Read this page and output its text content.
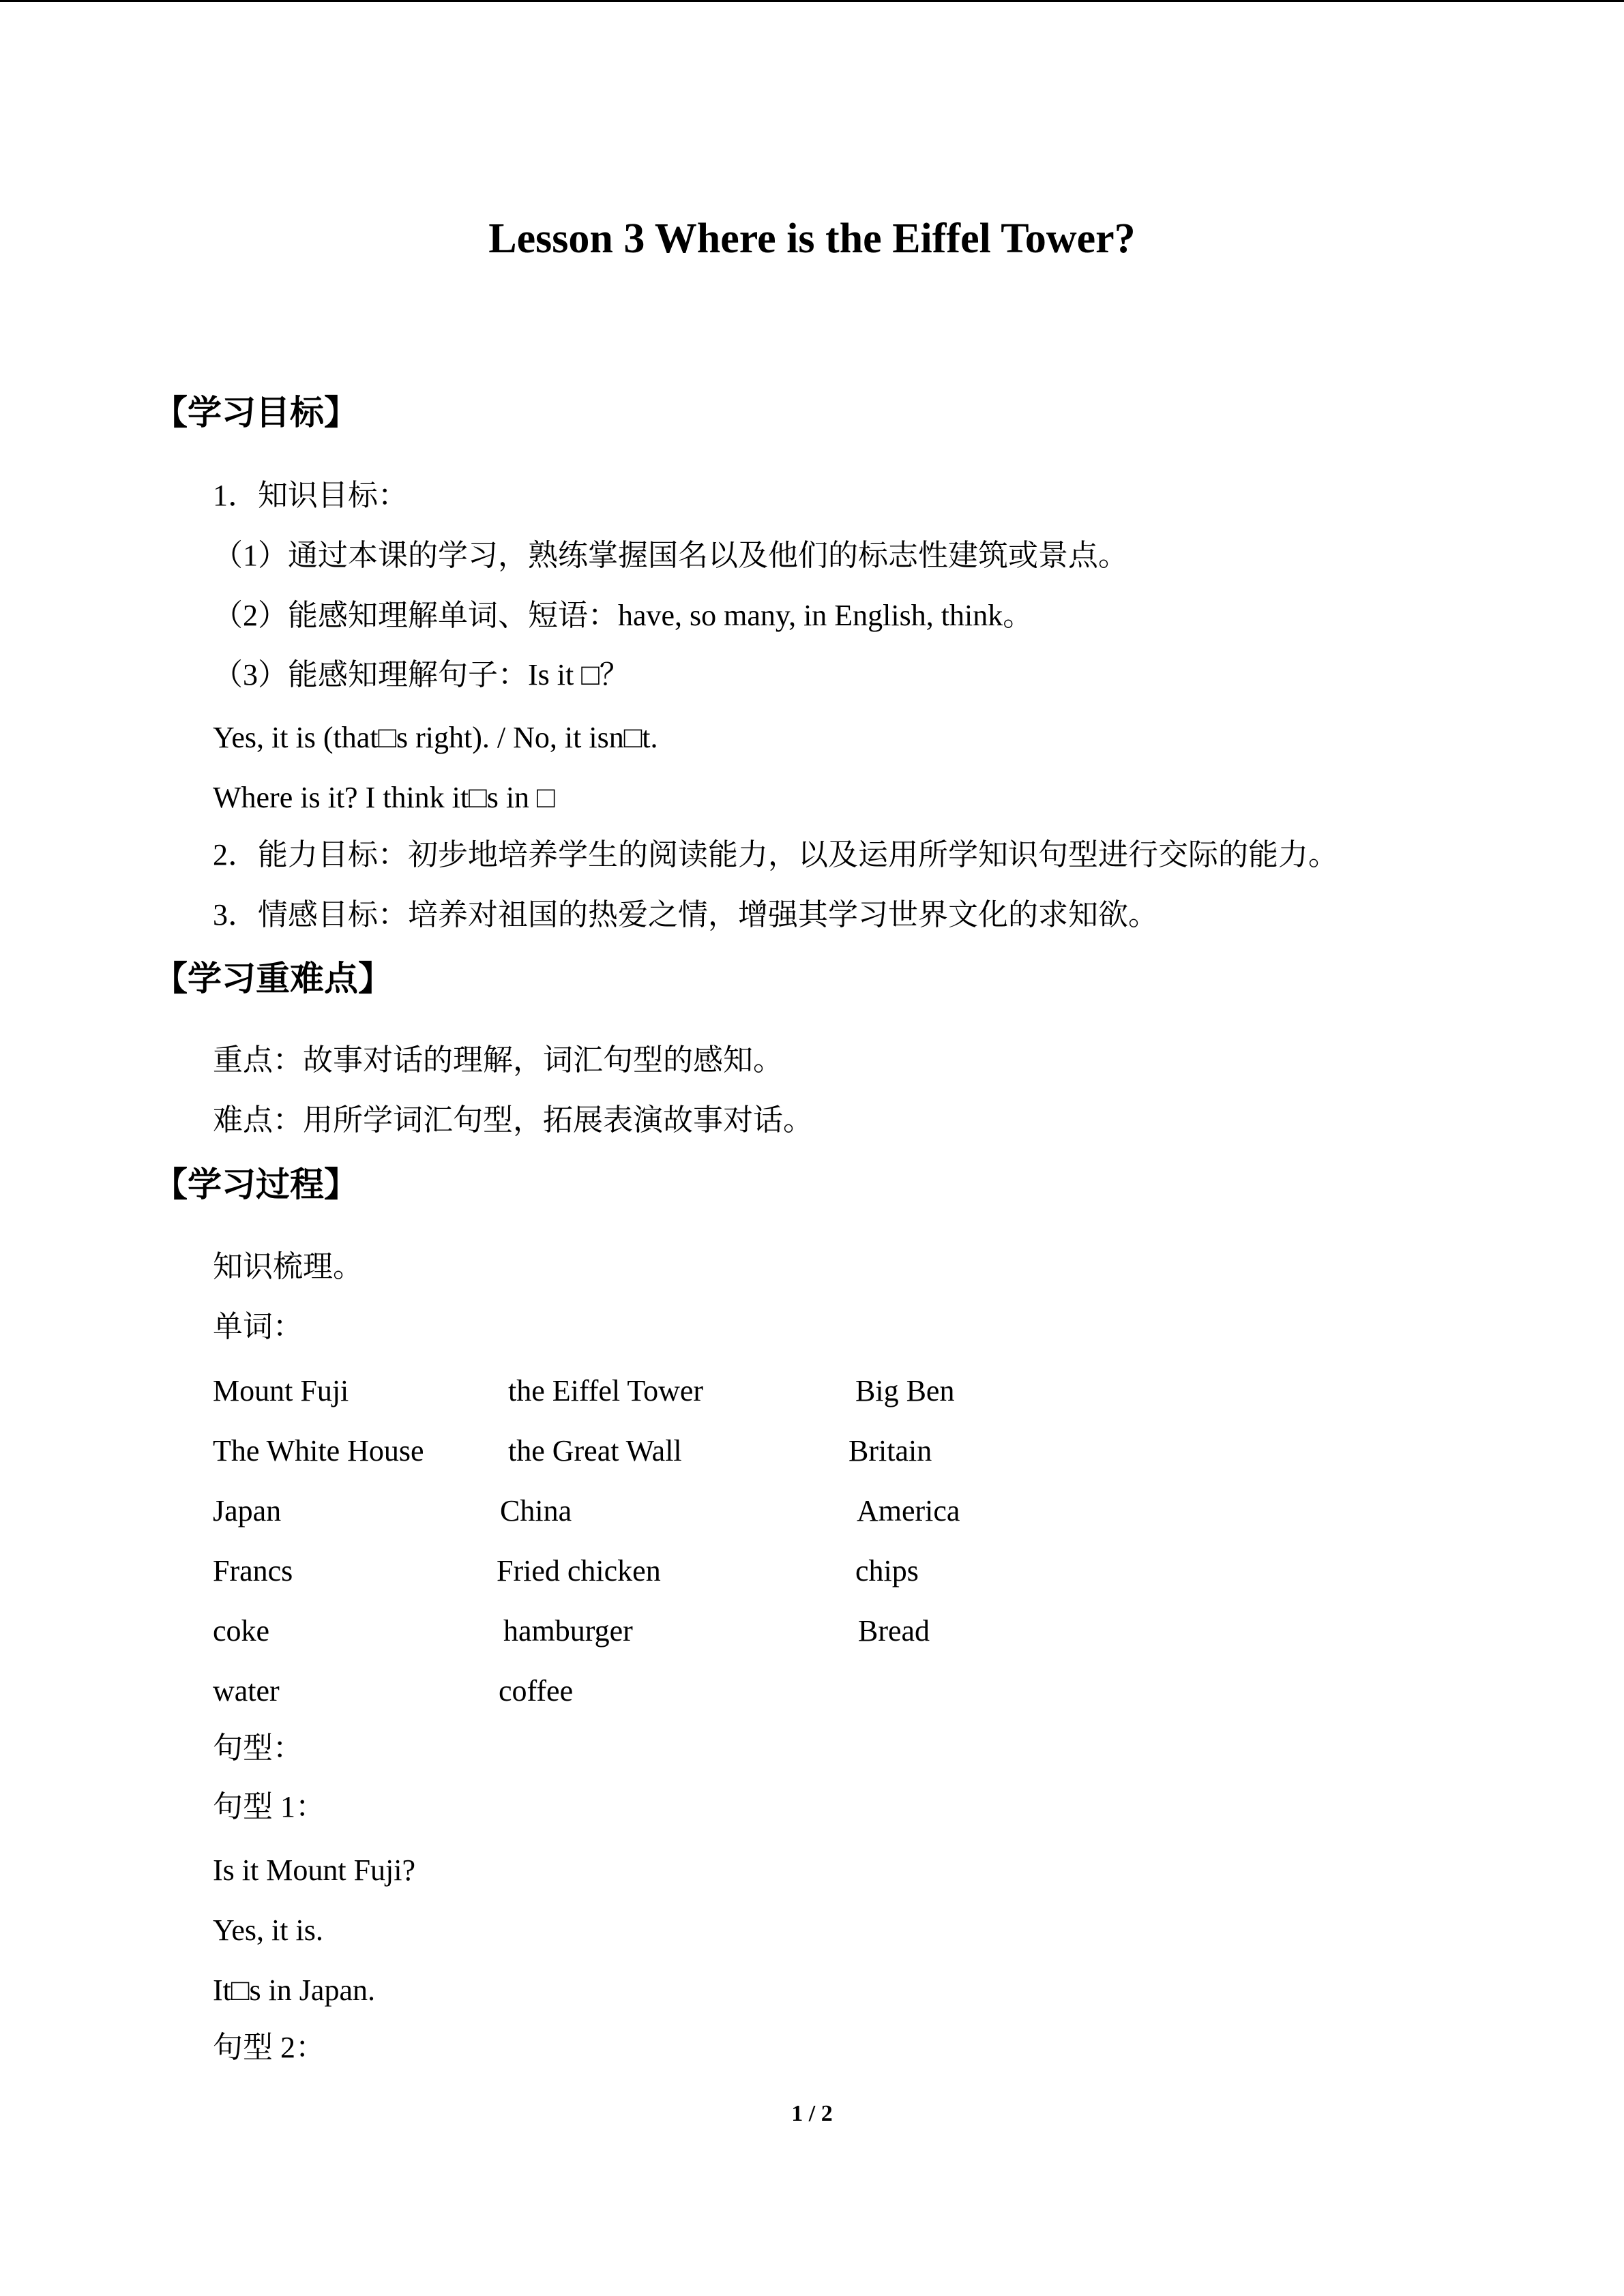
Lesson 3 Where is the Eiffel Tower?
【学习目标】
1．知识目标：
（1）通过本课的学习，熟练掌握国名以及他们的标志性建筑或景点。
（2）能感知理解单词、短语：have, so many, in English, think。
（3）能感知理解句子：Is it □？
Yes, it is (that□s right). / No, it isn□t.
Where is it? I think it□s in □
2．能力目标：初步地培养学生的阅读能力，以及运用所学知识句型进行交际的能力。
3．情感目标：培养对祖国的热爱之情，增强其学习世界文化的求知欲。
【学习重难点】
重点：故事对话的理解，词汇句型的感知。
难点：用所学词汇句型，拓展表演故事对话。
【学习过程】
知识梳理。
单词：
Mount Fuji	the Eiffel Tower	Big Ben
The White House	the Great Wall	Britain
Japan	China	America
Francs	Fried chicken	chips
coke	hamburger	Bread
water	coffee
句型：
句型 1：
Is it Mount Fuji?
Yes, it is.
It□s in Japan.
句型 2：
1 / 2
